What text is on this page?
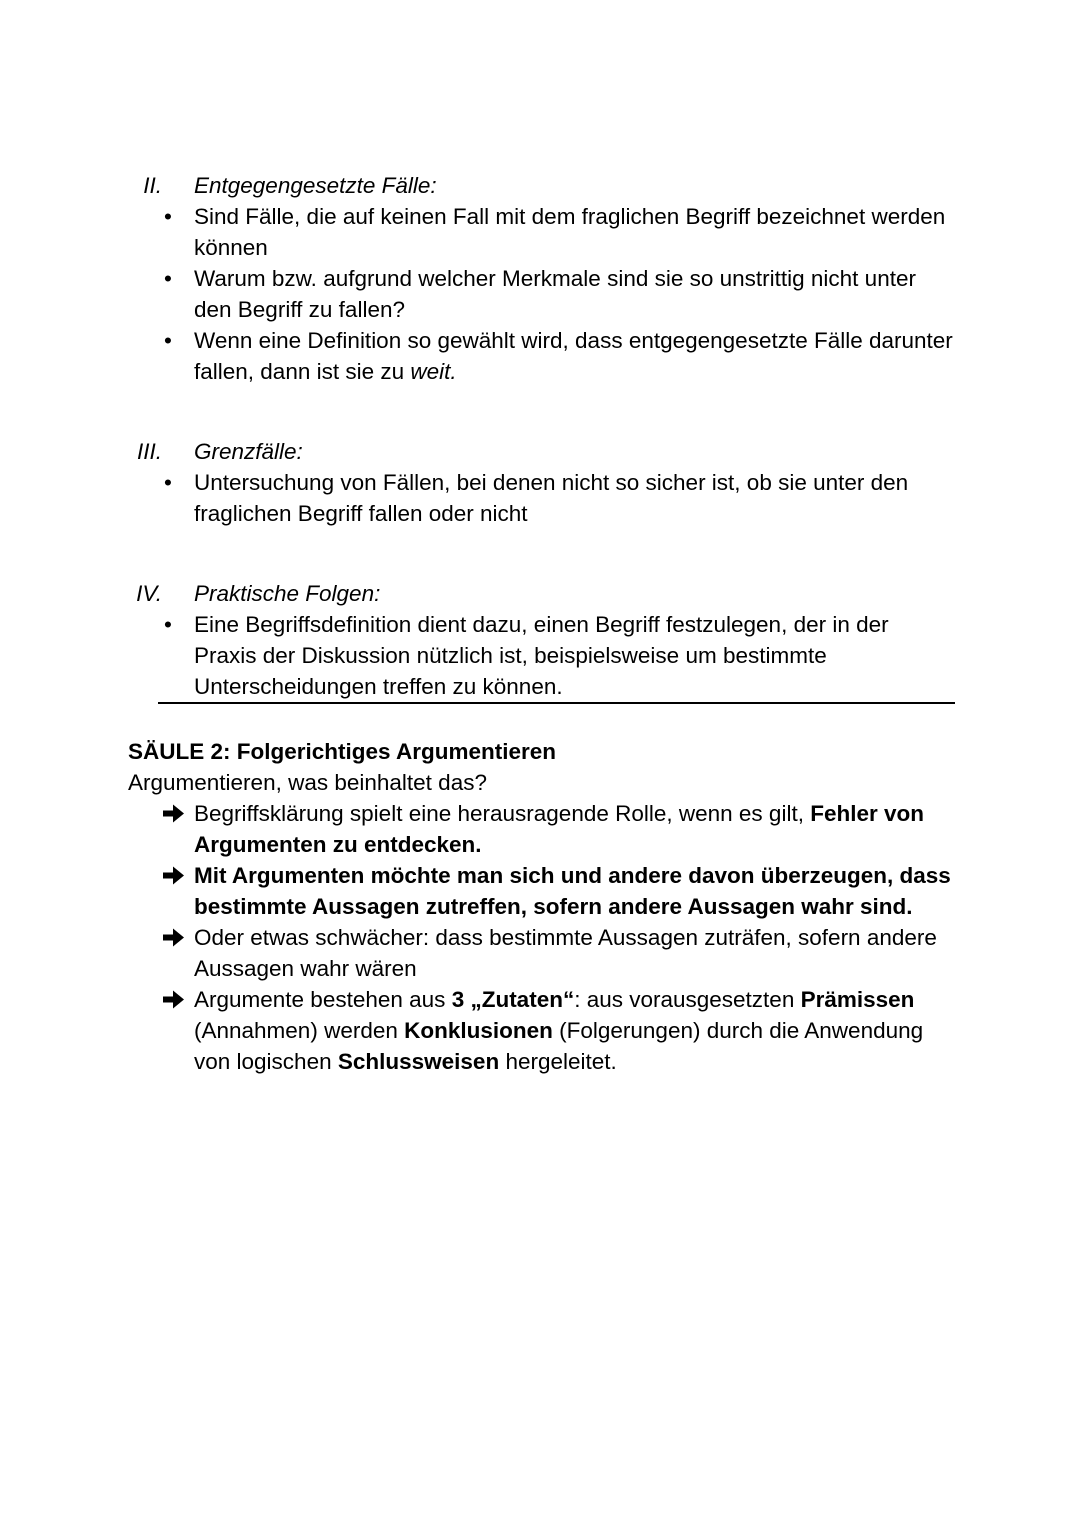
II. Entgegengesetzte Fälle:
• Sind Fälle, die auf keinen Fall mit dem fraglichen Begriff bezeichnet werden können
• Warum bzw. aufgrund welcher Merkmale sind sie so unstrittig nicht unter den Begriff zu fallen?
• Wenn eine Definition so gewählt wird, dass entgegengesetzte Fälle darunter fallen, dann ist sie zu weit.
III. Grenzfälle:
• Untersuchung von Fällen, bei denen nicht so sicher ist, ob sie unter den fraglichen Begriff fallen oder nicht
IV. Praktische Folgen:
• Eine Begriffsdefinition dient dazu, einen Begriff festzulegen, der in der Praxis der Diskussion nützlich ist, beispielsweise um bestimmte Unterscheidungen treffen zu können.
SÄULE 2: Folgerichtiges Argumentieren
Argumentieren, was beinhaltet das?
Begriffsklärung spielt eine herausragende Rolle, wenn es gilt, Fehler von Argumenten zu entdecken.
Mit Argumenten möchte man sich und andere davon überzeugen, dass bestimmte Aussagen zutreffen, sofern andere Aussagen wahr sind.
Oder etwas schwächer: dass bestimmte Aussagen zuträfen, sofern andere Aussagen wahr wären
Argumente bestehen aus 3 „Zutaten“: aus vorausgesetzten Prämissen (Annahmen) werden Konklusionen (Folgerungen) durch die Anwendung von logischen Schlussweisen hergeleitet.
